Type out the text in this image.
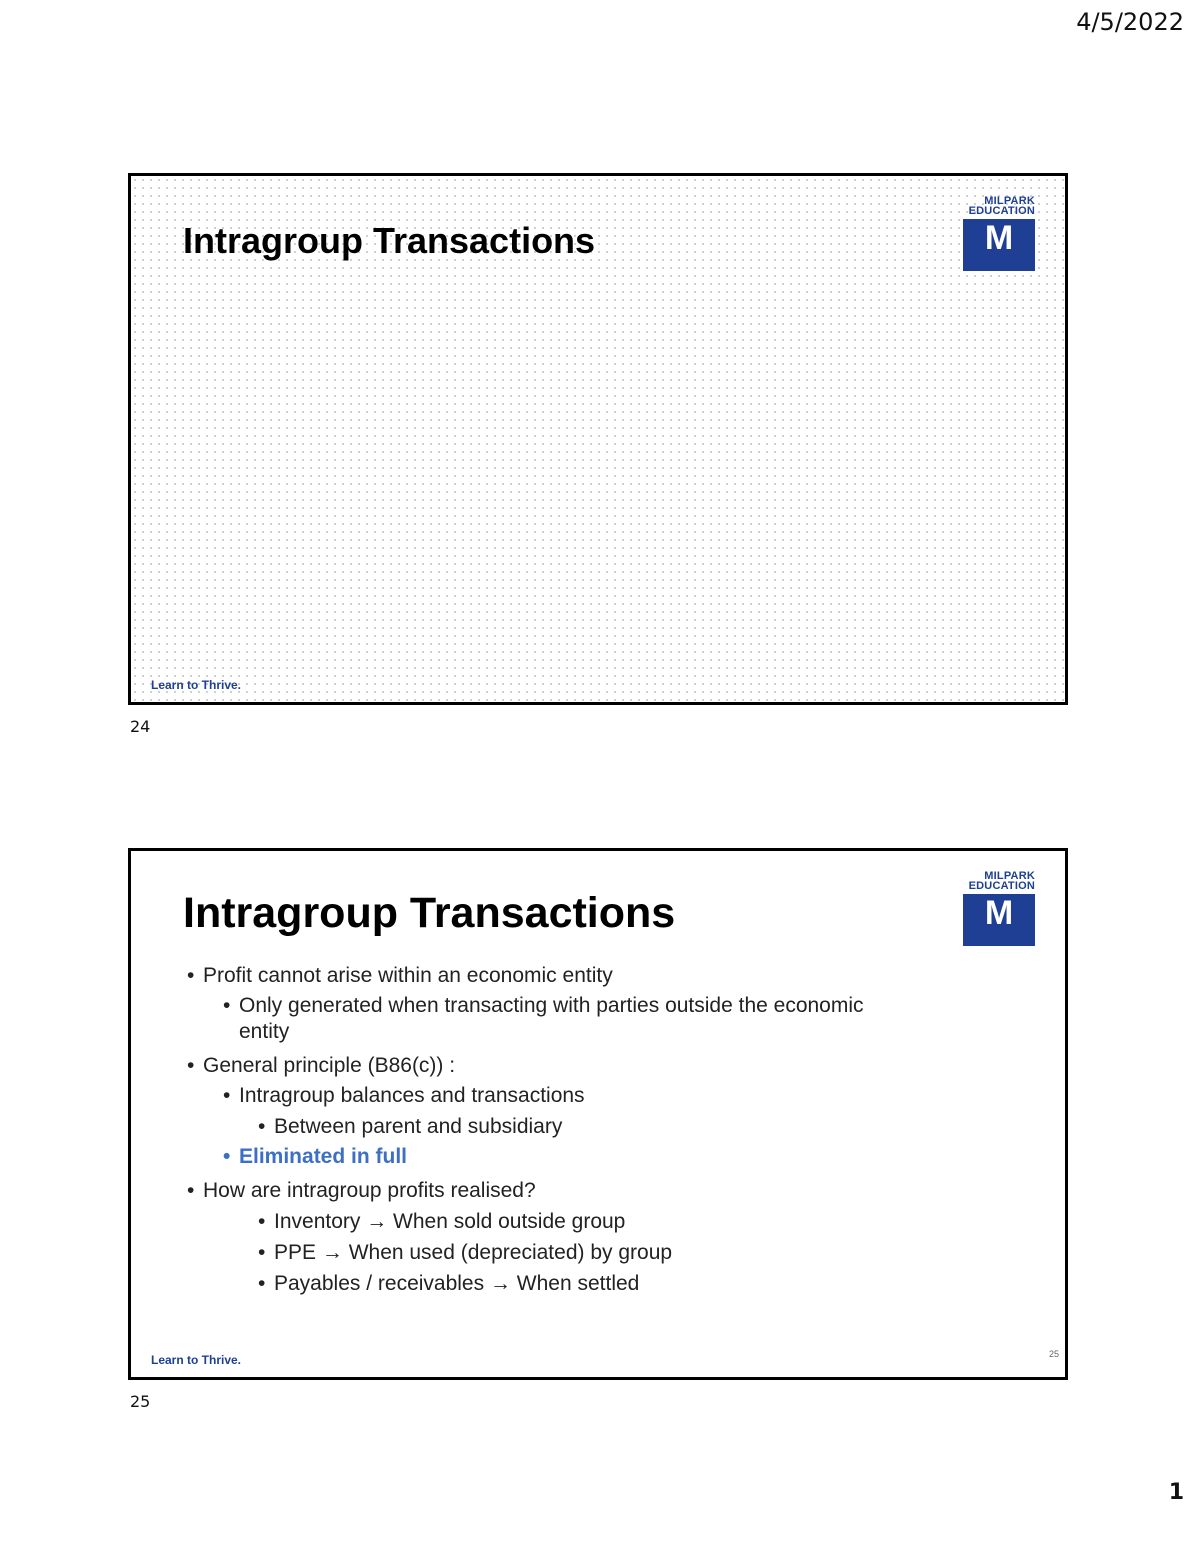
4/5/2022
Intragroup Transactions
MILPARK
EDUCATION
M
Learn to Thrive.
24
Intragroup Transactions
MILPARK
EDUCATION
M
• Profit cannot arise within an economic entity
• Only generated when transacting with parties outside the economic entity
• General principle (B86(c)) :
• Intragroup balances and transactions
• Between parent and subsidiary
• Eliminated in full
• How are intragroup profits realised?
• Inventory → When sold outside group
• PPE → When used (depreciated) by group
• Payables / receivables → When settled
Learn to Thrive.	25
25
1
